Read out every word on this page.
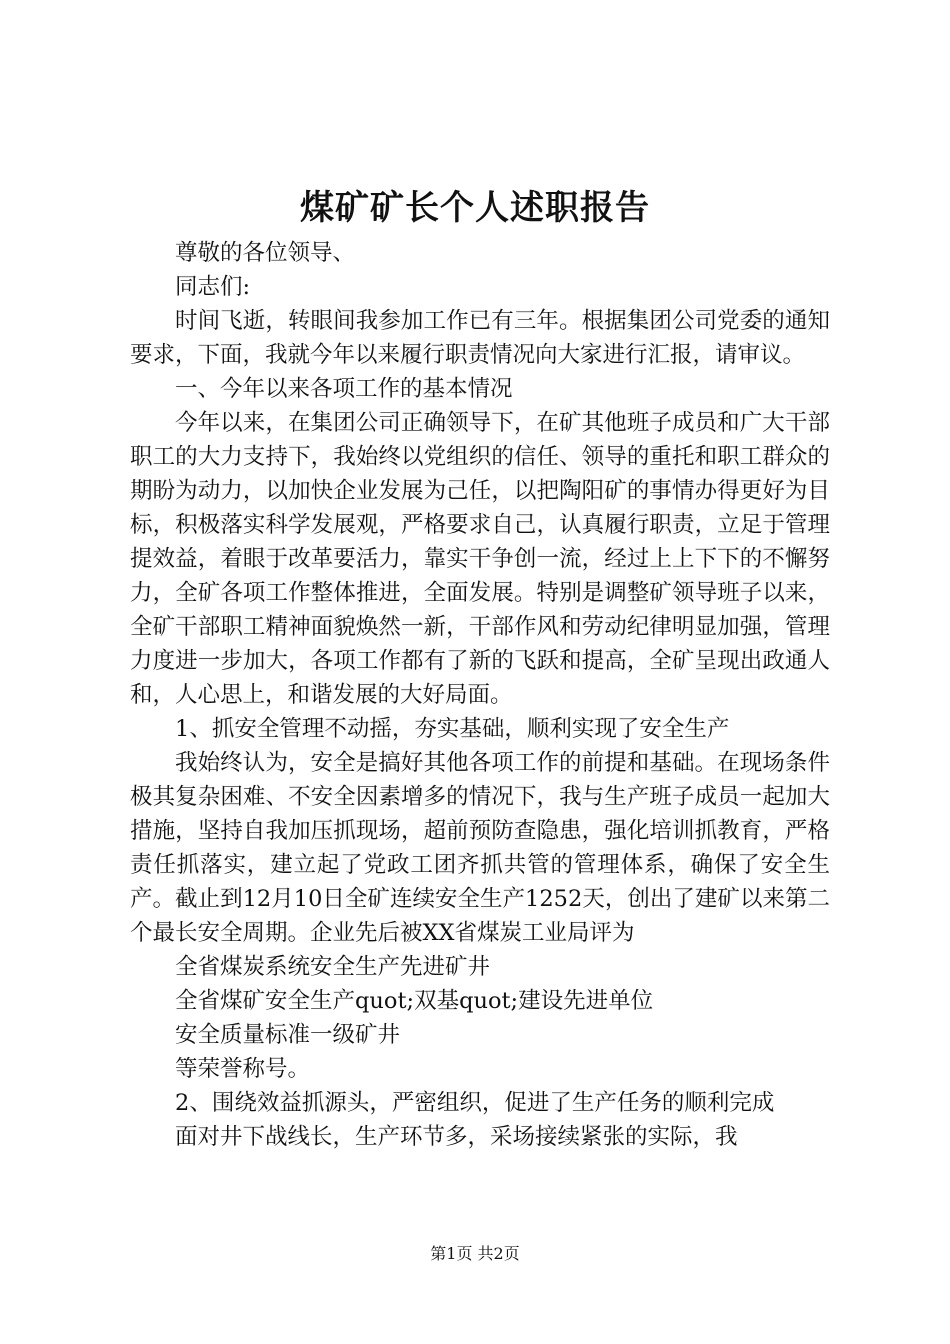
煤矿矿长个人述职报告

尊敬的各位领导、

同志们:

时间飞逝，转眼间我参加工作已有三年。根据集团公司党委的通知要求，下面，我就今年以来履行职责情况向大家进行汇报，请审议。

一、今年以来各项工作的基本情况

今年以来，在集团公司正确领导下，在矿其他班子成员和广大干部职工的大力支持下，我始终以党组织的信任、领导的重托和职工群众的期盼为动力，以加快企业发展为己任，以把陶阳矿的事情办得更好为目标，积极落实科学发展观，严格要求自己，认真履行职责，立足于管理提效益，着眼于改革要活力，靠实干争创一流，经过上上下下的不懈努力，全矿各项工作整体推进，全面发展。特别是调整矿领导班子以来，全矿干部职工精神面貌焕然一新，干部作风和劳动纪律明显加强，管理力度进一步加大，各项工作都有了新的飞跃和提高，全矿呈现出政通人和，人心思上，和谐发展的大好局面。

1、抓安全管理不动摇，夯实基础，顺利实现了安全生产

我始终认为，安全是搞好其他各项工作的前提和基础。在现场条件极其复杂困难、不安全因素增多的情况下，我与生产班子成员一起加大措施，坚持自我加压抓现场，超前预防查隐患，强化培训抓教育，严格责任抓落实，建立起了党政工团齐抓共管的管理体系，确保了安全生产。截止到12月10日全矿连续安全生产1252天，创出了建矿以来第二个最长安全周期。企业先后被XX省煤炭工业局评为

全省煤炭系统安全生产先进矿井

全省煤矿安全生产quot;双基quot;建设先进单位

安全质量标准一级矿井

等荣誉称号。

2、围绕效益抓源头，严密组织，促进了生产任务的顺利完成

面对井下战线长，生产环节多，采场接续紧张的实际，我

第1页 共2页
